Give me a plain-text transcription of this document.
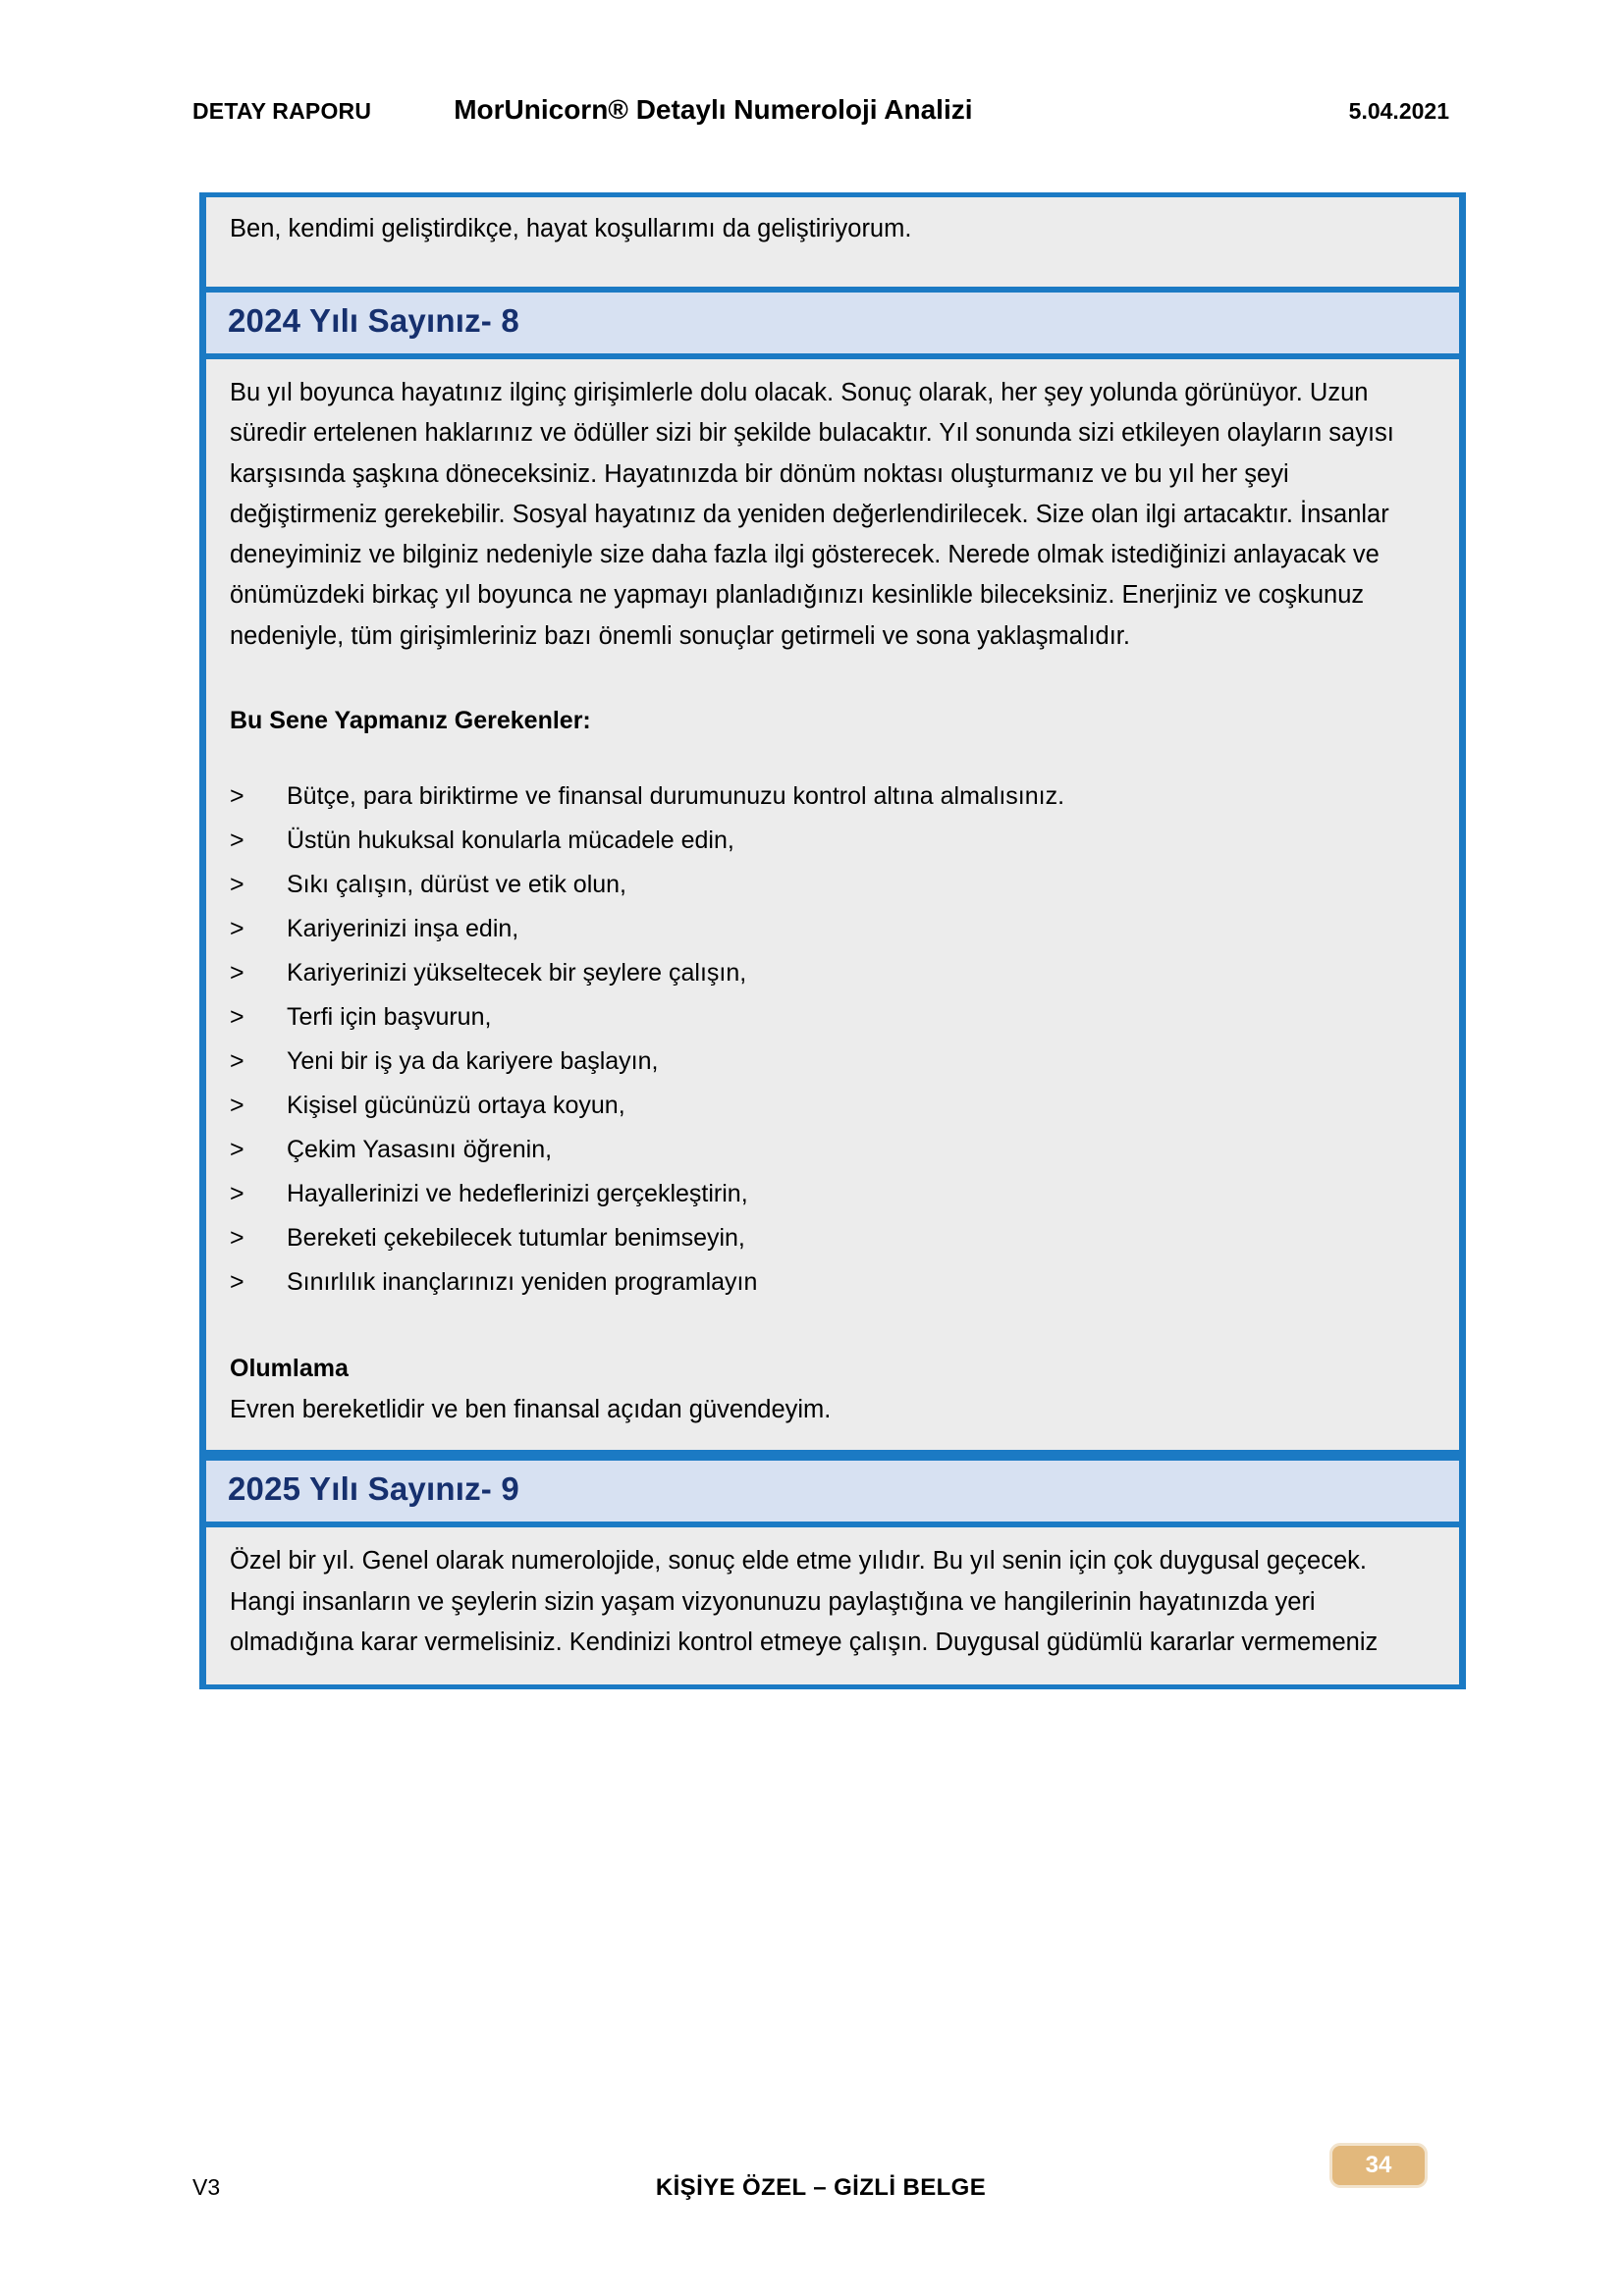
DETAY RAPORU	MorUnicorn® Detaylı Numeroloji Analizi	5.04.2021

Ben, kendimi geliştirdikçe, hayat koşullarımı da geliştiriyorum.

2024 Yılı Sayınız- 8

Bu yıl boyunca hayatınız ilginç girişimlerle dolu olacak. Sonuç olarak, her şey yolunda görünüyor. Uzun süredir ertelenen haklarınız ve ödüller sizi bir şekilde bulacaktır. Yıl sonunda sizi etkileyen olayların sayısı karşısında şaşkına döneceksiniz. Hayatınızda bir dönüm noktası oluşturmanız ve bu yıl her şeyi değiştirmeniz gerekebilir. Sosyal hayatınız da yeniden değerlendirilecek. Size olan ilgi artacaktır. İnsanlar deneyiminiz ve bilginiz nedeniyle size daha fazla ilgi gösterecek. Nerede olmak istediğinizi anlayacak ve önümüzdeki birkaç yıl boyunca ne yapmayı planladığınızı kesinlikle bileceksiniz. Enerjiniz ve coşkunuz nedeniyle, tüm girişimleriniz bazı önemli sonuçlar getirmeli ve sona yaklaşmalıdır.

Bu Sene Yapmanız Gerekenler:
>	Bütçe, para biriktirme ve finansal durumunuzu kontrol altına almalısınız.
>	Üstün hukuksal konularla mücadele edin,
>	Sıkı çalışın, dürüst ve etik olun,
>	Kariyerinizi inşa edin,
>	Kariyerinizi yükseltecek bir şeylere çalışın,
>	Terfi için başvurun,
>	Yeni bir iş ya da kariyere başlayın,
>	Kişisel gücünüzü ortaya koyun,
>	Çekim Yasasını öğrenin,
>	Hayallerinizi ve hedeflerinizi gerçekleştirin,
>	Bereketi çekebilecek tutumlar benimseyin,
>	Sınırlılık inançlarınızı yeniden programlayın
Olumlama

Evren bereketlidir ve ben finansal açıdan güvendeyim.

2025 Yılı Sayınız- 9

Özel bir yıl. Genel olarak numerolojide, sonuç elde etme yılıdır. Bu yıl senin için çok duygusal geçecek. Hangi insanların ve şeylerin sizin yaşam vizyonunuzu paylaştığına ve hangilerinin hayatınızda yeri olmadığına karar vermelisiniz. Kendinizi kontrol etmeye çalışın. Duygusal güdümlü kararlar vermemeniz

V3	KİŞİYE ÖZEL – GİZLİ BELGE
34
